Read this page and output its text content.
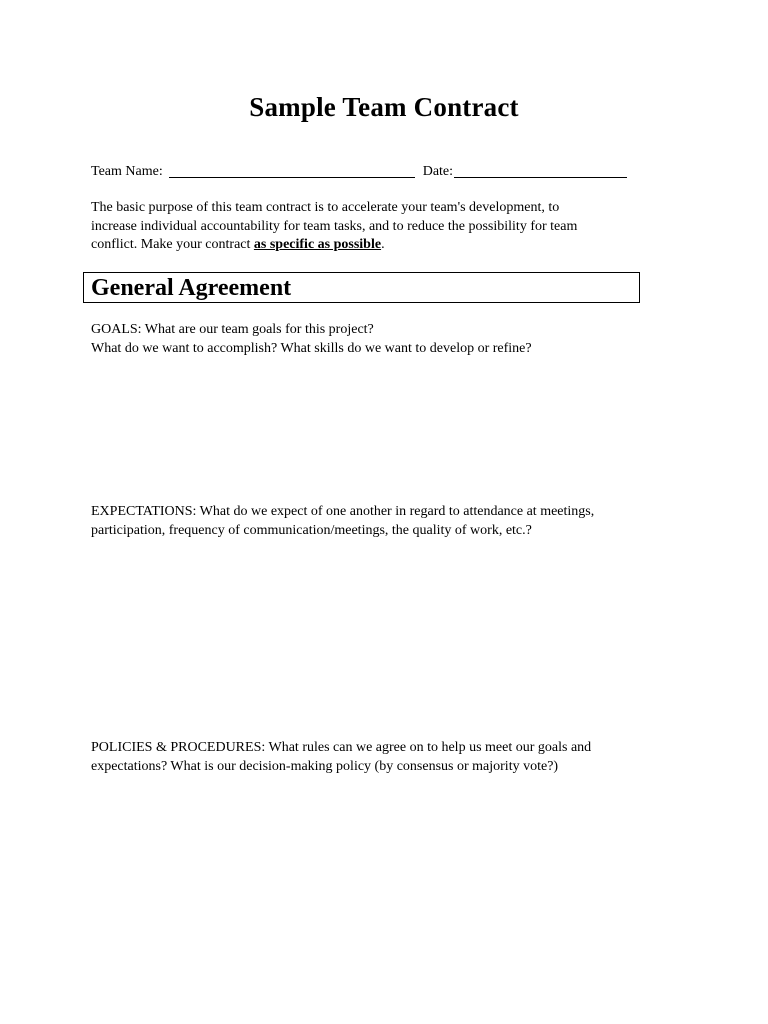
Sample Team Contract
Team Name:	Date:
The basic purpose of this team contract is to accelerate your team's development, to
increase individual accountability for team tasks, and to reduce the possibility for team
conflict. Make your contract as specific as possible.
General Agreement
GOALS: What are our team goals for this project?
What do we want to accomplish? What skills do we want to develop or refine?
EXPECTATIONS: What do we expect of one another in regard to attendance at meetings,
participation, frequency of communication/meetings, the quality of work, etc.?
POLICIES & PROCEDURES: What rules can we agree on to help us meet our goals and
expectations? What is our decision-making policy (by consensus or majority vote?)
